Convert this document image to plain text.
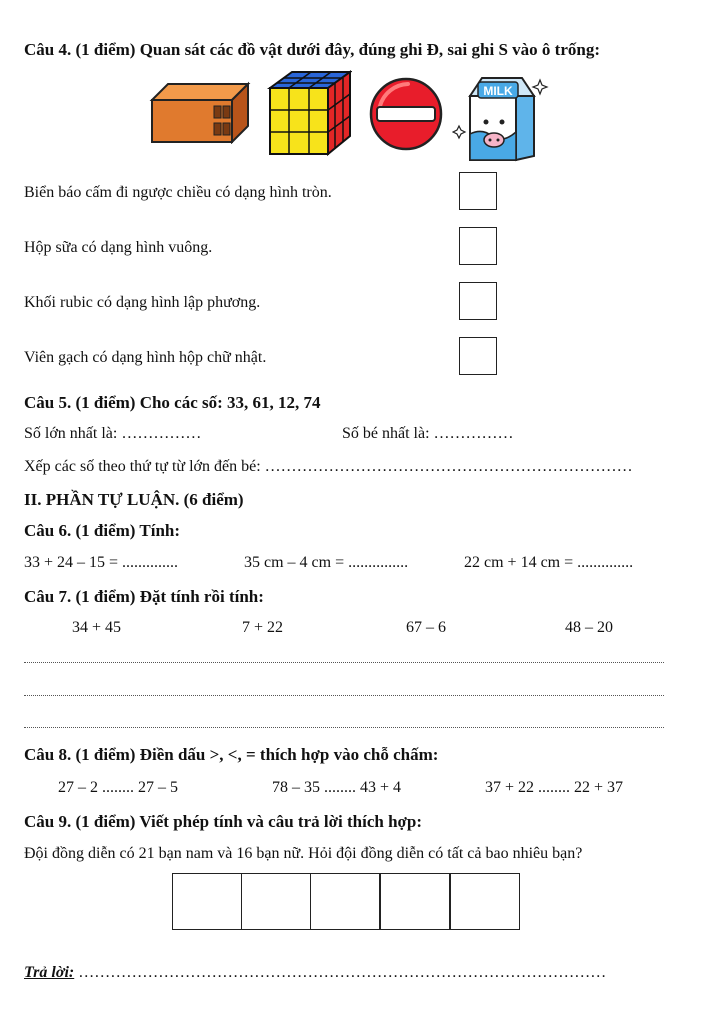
Câu 4. (1 điểm) Quan sát các đồ vật dưới đây, đúng ghi Đ, sai ghi S vào ô trống:
MILK
Biển báo cấm đi ngược chiều có dạng hình tròn.
Hộp sữa có dạng hình vuông.
Khối rubic có dạng hình lập phương.
Viên gạch có dạng hình hộp chữ nhật.
Câu 5. (1 điểm) Cho các số: 33, 61, 12, 74
Số lớn nhất là: ……………	Số bé nhất là: ……………
Xếp các số theo thứ tự từ lớn đến bé: ……………………………………………………………
II. PHẦN TỰ LUẬN. (6 điểm)
Câu 6. (1 điểm) Tính:
33 + 24 – 15 = ..............	35 cm – 4 cm = ...............	22 cm + 14 cm = ..............
Câu 7. (1 điểm) Đặt tính rồi tính:
34 + 45	7 + 22	67 – 6	48 – 20
Câu 8. (1 điểm) Điền dấu >, <, = thích hợp vào chỗ chấm:
27 – 2 ........ 27 – 5	78 – 35 ........ 43 + 4	37 + 22 ........ 22 + 37
Câu 9. (1 điểm) Viết phép tính và câu trả lời thích hợp:
Đội đồng diễn có 21 bạn nam và 16 bạn nữ. Hỏi đội đồng diễn có tất cả bao nhiêu bạn?
Trả lời: ………………………………………………………………………………………
